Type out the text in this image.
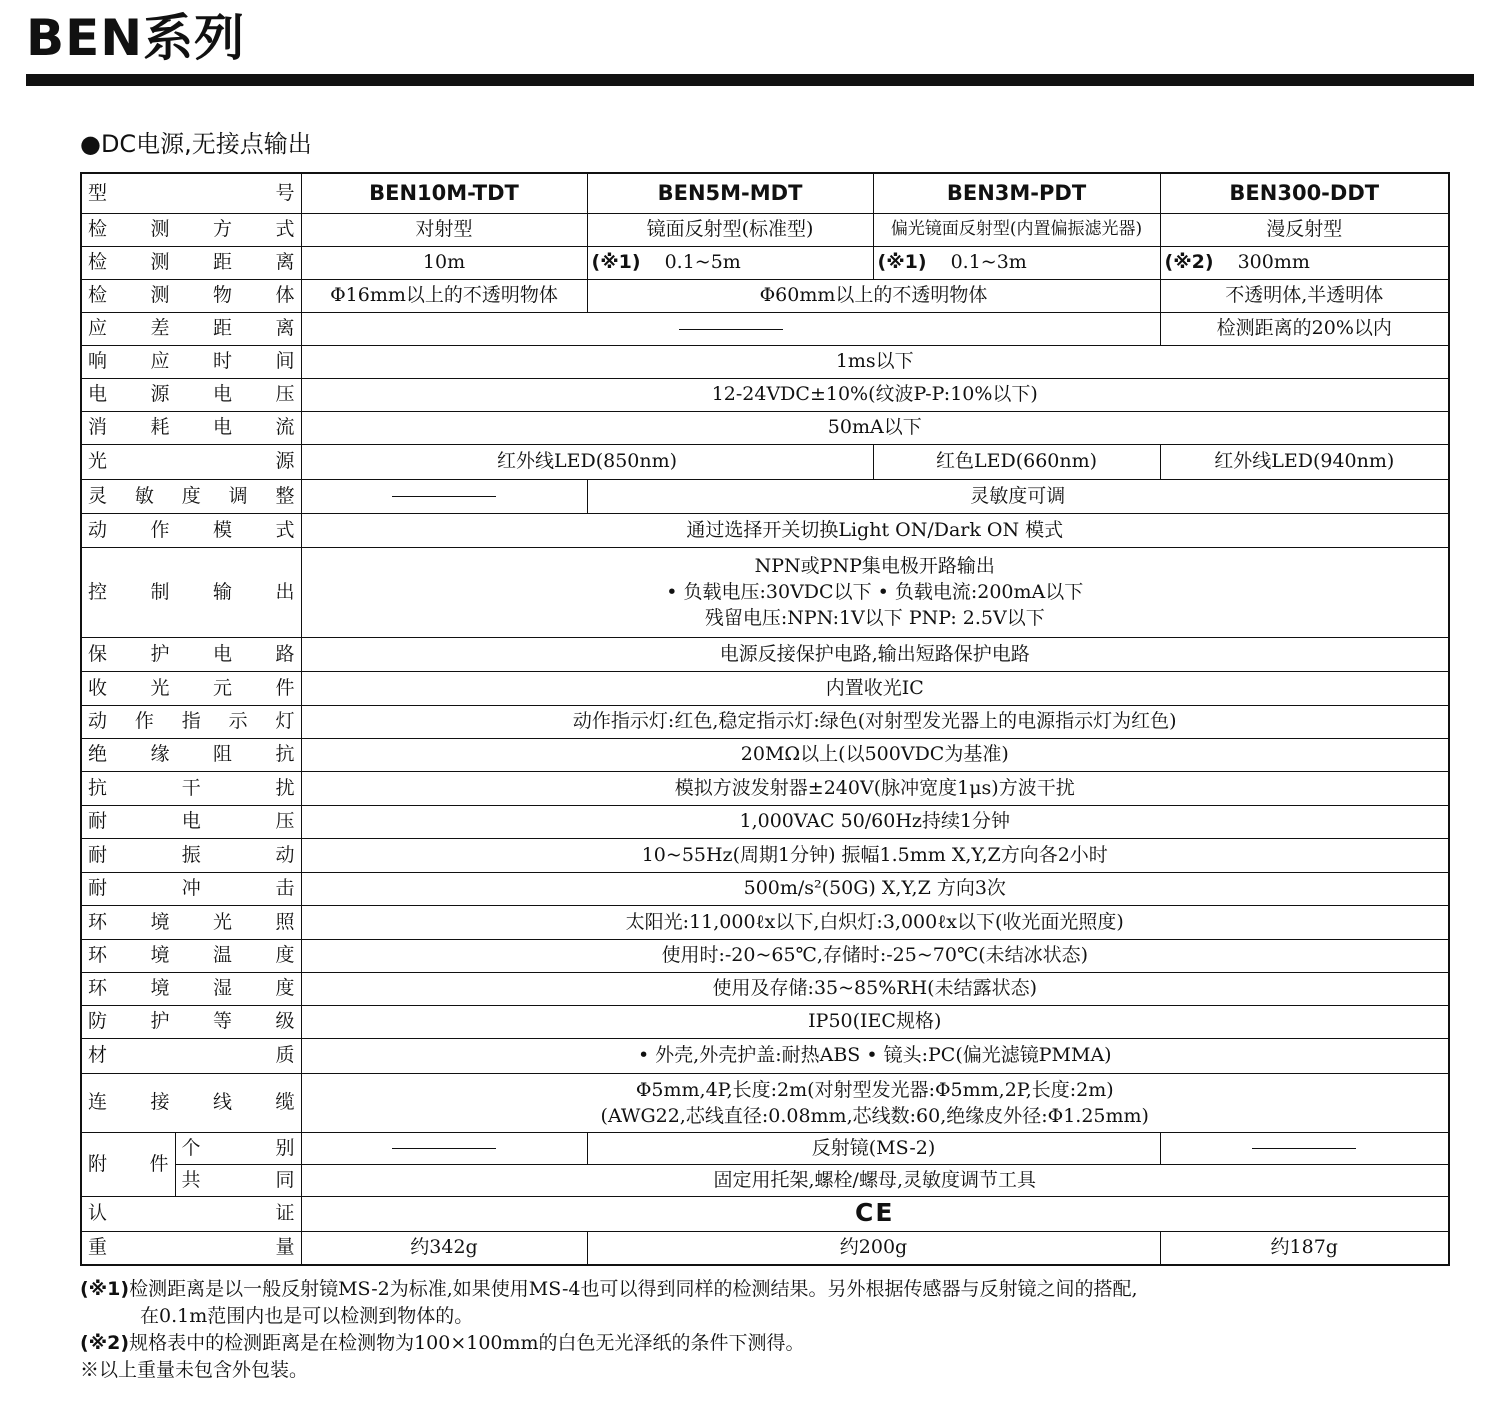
BEN系列
●DC电源,无接点输出
型号		BEN10M-TDT	BEN5M-MDT	BEN3M-PDT	BEN300-DDT
检测方式		对射型	镜面反射型(标准型)	偏光镜面反射型(内置偏振滤光器)	漫反射型
检测距离		10m	(※1) 0.1~5m	(※1) 0.1~3m	(※2) 300mm
检测物体		Φ16mm以上的不透明物体	Φ60mm以上的不透明物体		不透明体,半透明体
应差距离					检测距离的20%以内
响应时间		1ms以下			
电源电压		12-24VDC±10%(纹波P-P:10%以下)			
消耗电流		50mA以下			
光源		红外线LED(850nm)		红色LED(660nm)	红外线LED(940nm)
灵敏度调整			灵敏度可调		
动作模式		通过选择开关切换Light ON/Dark ON 模式			
控制输出		NPN或PNP集电极开路输出
• 负载电压:30VDC以下 • 负载电流:200mA以下
残留电压:NPN:1V以下 PNP: 2.5V以下			

保护电路		电源反接保护电路,输出短路保护电路			
收光元件		内置收光IC			
动作指示灯		动作指示灯:红色,稳定指示灯:绿色(对射型发光器上的电源指示灯为红色)			
绝缘阻抗		20MΩ以上(以500VDC为基准)			
抗干扰		模拟方波发射器±240V(脉冲宽度1μs)方波干扰			
耐电压		1,000VAC 50/60Hz持续1分钟			
耐振动		10~55Hz(周期1分钟) 振幅1.5mm X,Y,Z方向各2小时			
耐冲击		500m/s²(50G) X,Y,Z 方向3次			
环境光照		太阳光:11,000ℓx以下,白炽灯:3,000ℓx以下(收光面光照度)			
环境温度		使用时:-20~65℃,存储时:-25~70℃(未结冰状态)			
环境湿度		使用及存储:35~85%RH(未结露状态)			
防护等级		IP50(IEC规格)			
材质		• 外壳,外壳护盖:耐热ABS • 镜头:PC(偏光滤镜PMMA)			
连接线缆		Φ5mm,4P,长度:2m(对射型发光器:Φ5mm,2P,长度:2m)
(AWG22,芯线直径:0.08mm,芯线数:60,绝缘皮外径:Φ1.25mm)			

附件	个别		反射镜(MS-2)		
	共同	固定用托架,螺栓/螺母,灵敏度调节工具			
认证		CE			
重量		约342g	约200g		约187g
(※1)检测距离是以一般反射镜MS-2为标准,如果使用MS-4也可以得到同样的检测结果。另外根据传感器与反射镜之间的搭配,
在0.1m范围内也是可以检测到物体的。
(※2)规格表中的检测距离是在检测物为100×100mm的白色无光泽纸的条件下测得。
※以上重量未包含外包装。
